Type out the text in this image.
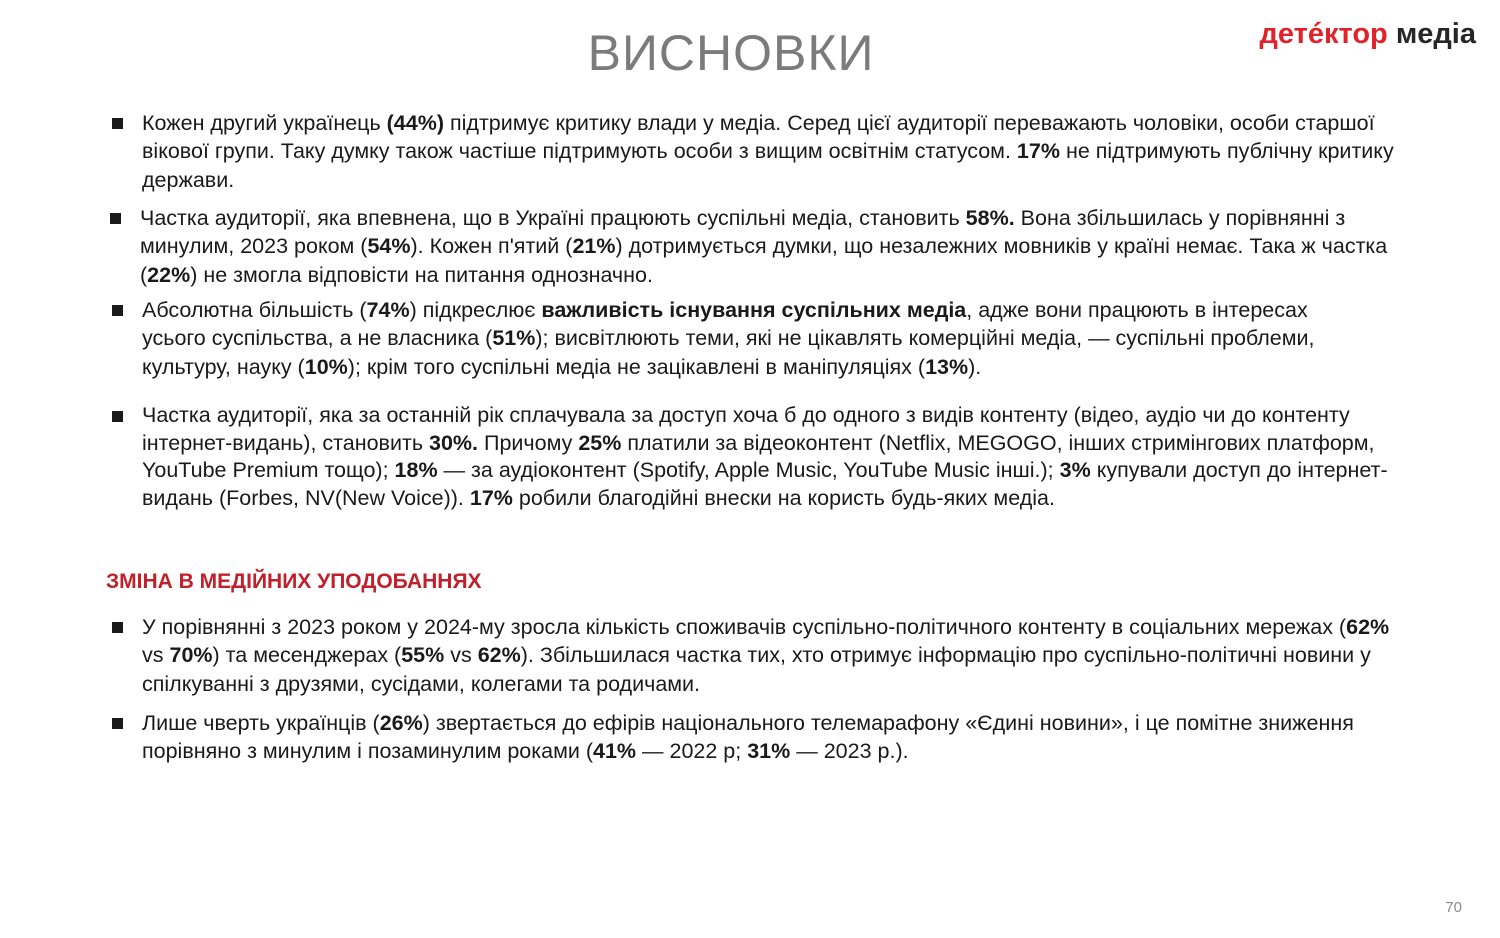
ВИСНОВКИ	детéктор медіа
Кожен другий українець (44%) підтримує критику влади у медіа. Серед цієї аудиторії переважають чоловіки, особи старшої вікової групи. Таку думку також частіше підтримують особи з вищим освітнім статусом. 17% не підтримують публічну критику держави.
Частка аудиторії, яка впевнена, що в Україні працюють суспільні медіа, становить 58%. Вона збільшилась у порівнянні з минулим, 2023 роком (54%). Кожен п'ятий (21%) дотримується думки, що незалежних мовників у країні немає. Така ж частка (22%) не змогла відповісти на питання однозначно.
Абсолютна більшість (74%) підкреслює важливість існування суспільних медіа, адже вони працюють в інтересах усього суспільства, а не власника (51%); висвітлюють теми, які не цікавлять комерційні медіа, — суспільні проблеми, культуру, науку (10%); крім того суспільні медіа не зацікавлені в маніпуляціях (13%).
Частка аудиторії, яка за останній рік сплачувала за доступ хоча б до одного з видів контенту (відео, аудіо чи до контенту інтернет-видань), становить 30%. Причому 25% платили за відеоконтент (Netflix, MEGOGO, інших стримінгових платформ, YouTube Premium тощо); 18% — за аудіоконтент (Spotify, Apple Music, YouTube Music інші.); 3% купували доступ до інтернет-видань (Forbes, NV(New Voice)). 17% робили благодійні внески на користь будь-яких медіа.
ЗМІНА В МЕДІЙНИХ УПОДОБАННЯХ
У порівнянні з 2023 роком у 2024-му зросла кількість споживачів суспільно-політичного контенту в соціальних мережах (62% vs 70%) та месенджерах (55% vs 62%). Збільшилася частка тих, хто отримує інформацію про суспільно-політичні новини у спілкуванні з друзями, сусідами, колегами та родичами.
Лише чверть українців (26%) звертається до ефірів національного телемарафону «Єдині новини», і це помітне зниження порівняно з минулим і позаминулим роками (41% — 2022 р; 31% — 2023 р.).
70
